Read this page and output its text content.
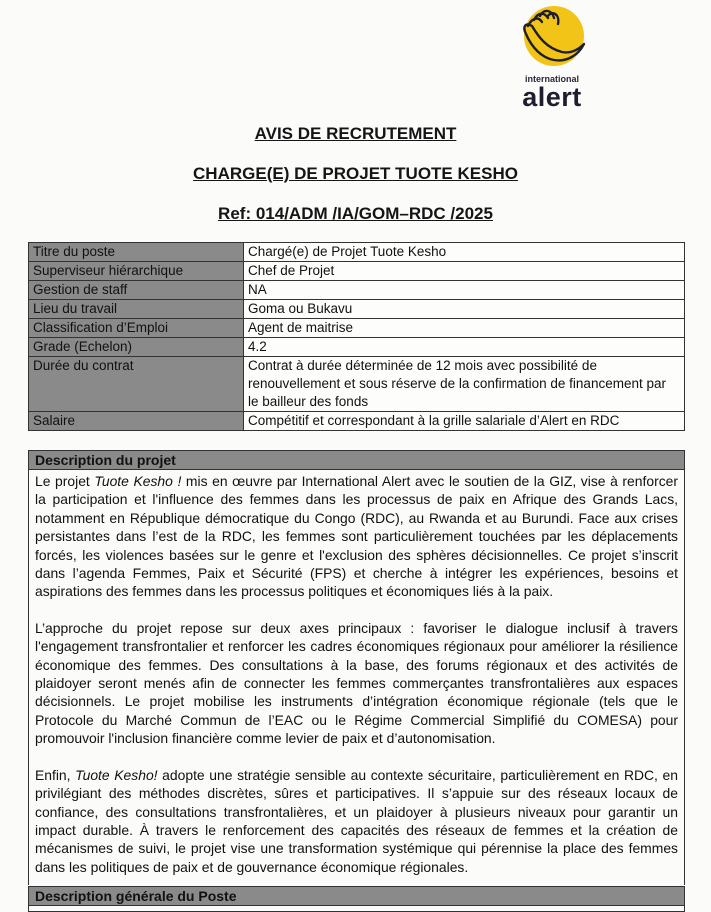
international
alert
AVIS DE RECRUTEMENT
CHARGE(E) DE PROJET TUOTE KESHO
Ref: 014/ADM /IA/GOM–RDC /2025
Titre du poste	Chargé(e) de Projet Tuote Kesho
Superviseur hiérarchique	Chef de Projet
Gestion de staff	NA
Lieu du travail	Goma ou Bukavu
Classification d’Emploi	Agent de maitrise
Grade (Echelon)	4.2
Durée du contrat	Contrat à durée déterminée de 12 mois avec possibilité de renouvellement et sous réserve de la confirmation de financement par le bailleur des fonds
Salaire	Compétitif et correspondant à la grille salariale d’Alert en RDC
Description du projet

Le projet Tuote Kesho ! mis en œuvre par International Alert avec le soutien de la GIZ, vise à renforcer la participation et l'influence des femmes dans les processus de paix en Afrique des Grands Lacs, notamment en République démocratique du Congo (RDC), au Rwanda et au Burundi. Face aux crises persistantes dans l’est de la RDC, les femmes sont particulièrement touchées par les déplacements forcés, les violences basées sur le genre et l'exclusion des sphères décisionnelles. Ce projet s’inscrit dans l’agenda Femmes, Paix et Sécurité (FPS) et cherche à intégrer les expériences, besoins et aspirations des femmes dans les processus politiques et économiques liés à la paix.

L’approche du projet repose sur deux axes principaux : favoriser le dialogue inclusif à travers l'engagement transfrontalier et renforcer les cadres économiques régionaux pour améliorer la résilience économique des femmes. Des consultations à la base, des forums régionaux et des activités de plaidoyer seront menés afin de connecter les femmes commerçantes transfrontalières aux espaces décisionnels. Le projet mobilise les instruments d’intégration économique régionale (tels que le Protocole du Marché Commun de l’EAC ou le Régime Commercial Simplifié du COMESA) pour promouvoir l'inclusion financière comme levier de paix et d’autonomisation.

Enfin, Tuote Kesho! adopte une stratégie sensible au contexte sécuritaire, particulièrement en RDC, en privilégiant des méthodes discrètes, sûres et participatives. Il s’appuie sur des réseaux locaux de confiance, des consultations transfrontalières, et un plaidoyer à plusieurs niveaux pour garantir un impact durable. À travers le renforcement des capacités des réseaux de femmes et la création de mécanismes de suivi, le projet vise une transformation systémique qui pérennise la place des femmes dans les politiques de paix et de gouvernance économique régionales.

Description générale du Poste
